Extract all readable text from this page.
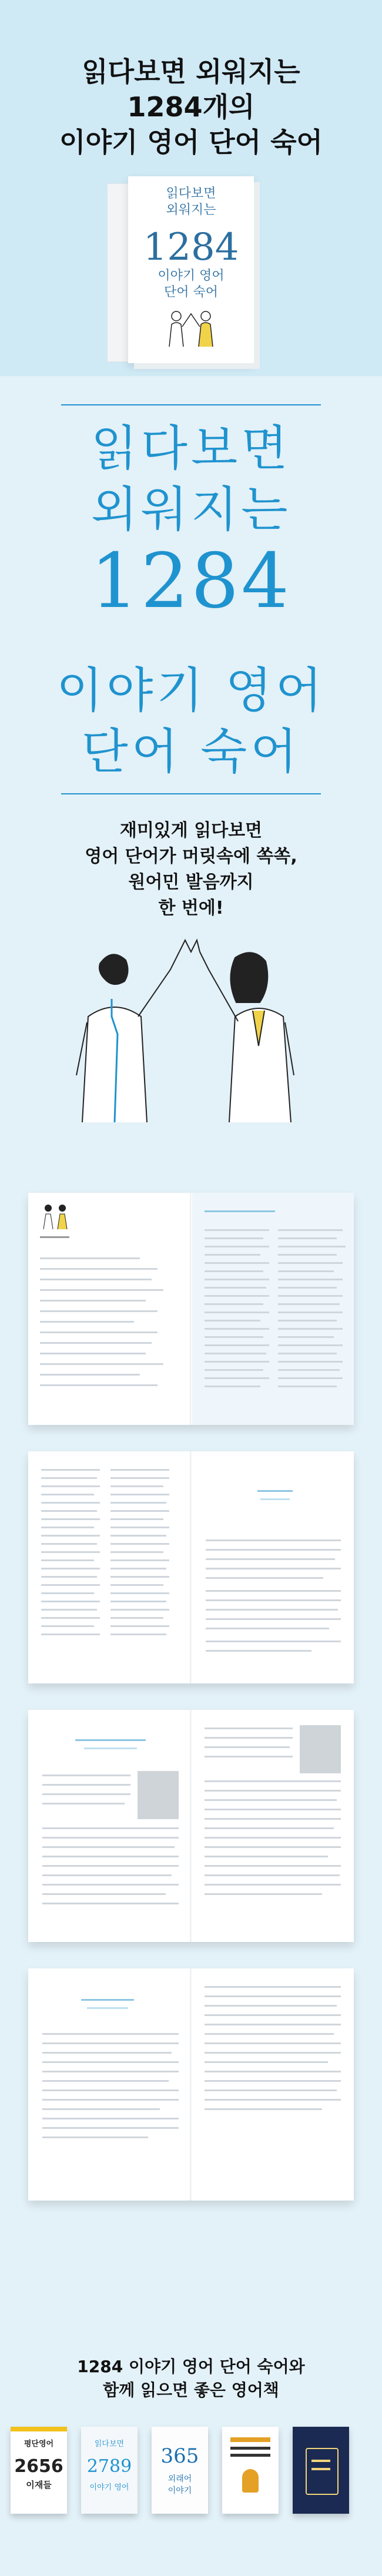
읽다보면 외워지는
1284개의
이야기 영어 단어 숙어
읽다보면
외워지는
1284
이야기 영어
단어 숙어
읽다보면
외워지는
1284
이야기 영어
단어 숙어
재미있게 읽다보면
영어 단어가 머릿속에 쏙쏙,
원어민 발음까지
한 번에!
1284 이야기 영어 단어 숙어와
함께 읽으면 좋은 영어책
평단영어
2656
이재들
읽다보면
2789
이야기 영어
365
외래어
이야기
